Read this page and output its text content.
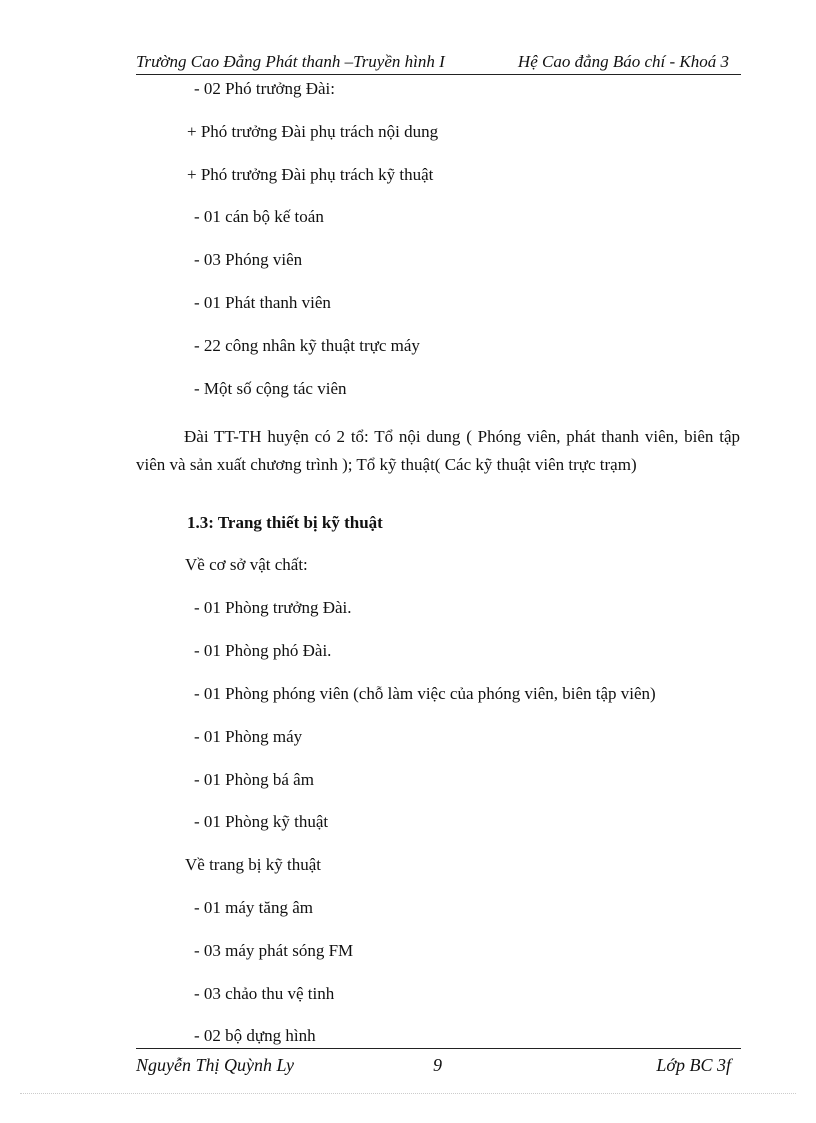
Trường Cao Đẳng Phát thanh –Truyền hình I	Hệ Cao đẳng Báo chí - Khoá 3
- 02 Phó trưởng Đài:
+ Phó trưởng Đài phụ trách nội dung
+ Phó trưởng Đài phụ trách kỹ thuật
- 01 cán bộ kế toán
- 03 Phóng viên
- 01 Phát thanh viên
- 22 công nhân kỹ thuật trực máy
- Một số cộng tác viên
Đài TT-TH huyện có 2 tổ: Tổ nội dung ( Phóng viên, phát thanh viên, biên tập viên và sản xuất chương trình ); Tổ kỹ thuật( Các kỹ thuật viên trực trạm)
1.3: Trang thiết bị kỹ thuật
Về cơ sở vật chất:
- 01 Phòng trưởng Đài.
- 01 Phòng phó Đài.
- 01 Phòng phóng viên (chỗ làm việc của phóng viên, biên tập viên)
- 01 Phòng máy
- 01 Phòng bá âm
- 01 Phòng kỹ thuật
Về trang bị kỹ thuật
- 01 máy tăng âm
- 03 máy phát sóng FM
- 03 chảo thu vệ tinh
- 02 bộ dựng hình
Nguyễn Thị Quỳnh Ly	9	Lớp BC 3f
